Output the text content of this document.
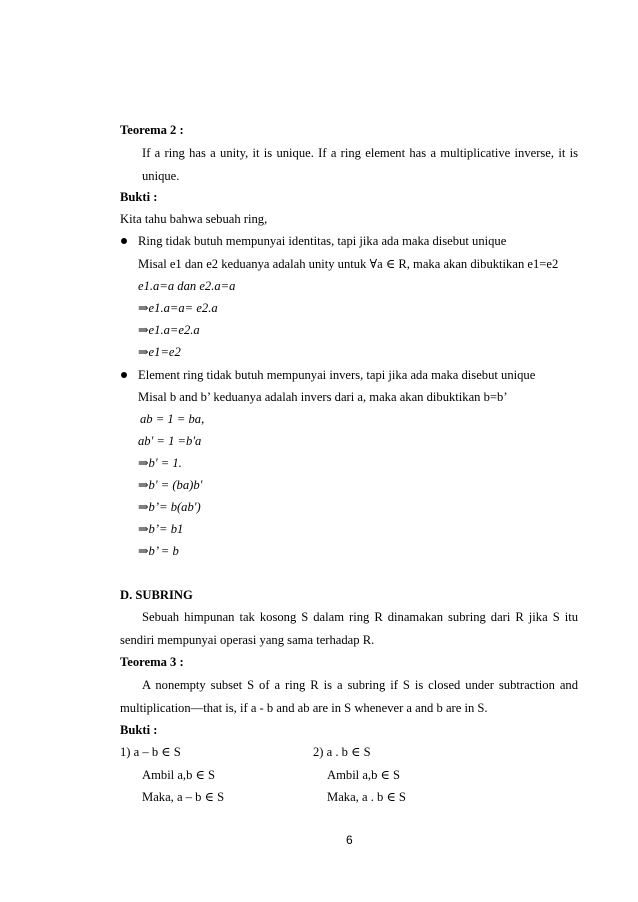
Teorema 2 :
If a ring has a unity, it is unique. If a ring element has a multiplicative inverse, it is
unique.
Bukti :
Kita tahu bahwa sebuah ring,
Ring tidak butuh mempunyai identitas, tapi jika ada maka disebut unique
Misal e1 dan e2 keduanya adalah unity untuk ∀a ∈ R, maka akan dibuktikan e1=e2
e1.a=a dan e2.a=a
⇒e1.a=a= e2.a
⇒e1.a=e2.a
⇒e1=e2
Element ring tidak butuh mempunyai invers, tapi jika ada maka disebut unique
Misal b and b’ keduanya adalah invers dari a, maka akan dibuktikan b=b’
ab = 1 = ba,
ab' = 1 =b'a
⇒b' = 1.
⇒b' = (ba)b'
⇒b’= b(ab')
⇒b’= b1
⇒b’ = b
D. SUBRING
Sebuah himpunan tak kosong S dalam ring R dinamakan subring dari R jika S itu
sendiri mempunyai operasi yang sama terhadap R.
Teorema 3 :
A nonempty subset S of a ring R is a subring if S is closed under subtraction and
multiplication—that is, if a - b and ab are in S whenever a and b are in S.
Bukti :
1) a – b ∈ S
Ambil a,b ∈ S
Maka, a – b ∈ S
2) a . b ∈ S
Ambil a,b ∈ S
Maka, a . b ∈ S
6
